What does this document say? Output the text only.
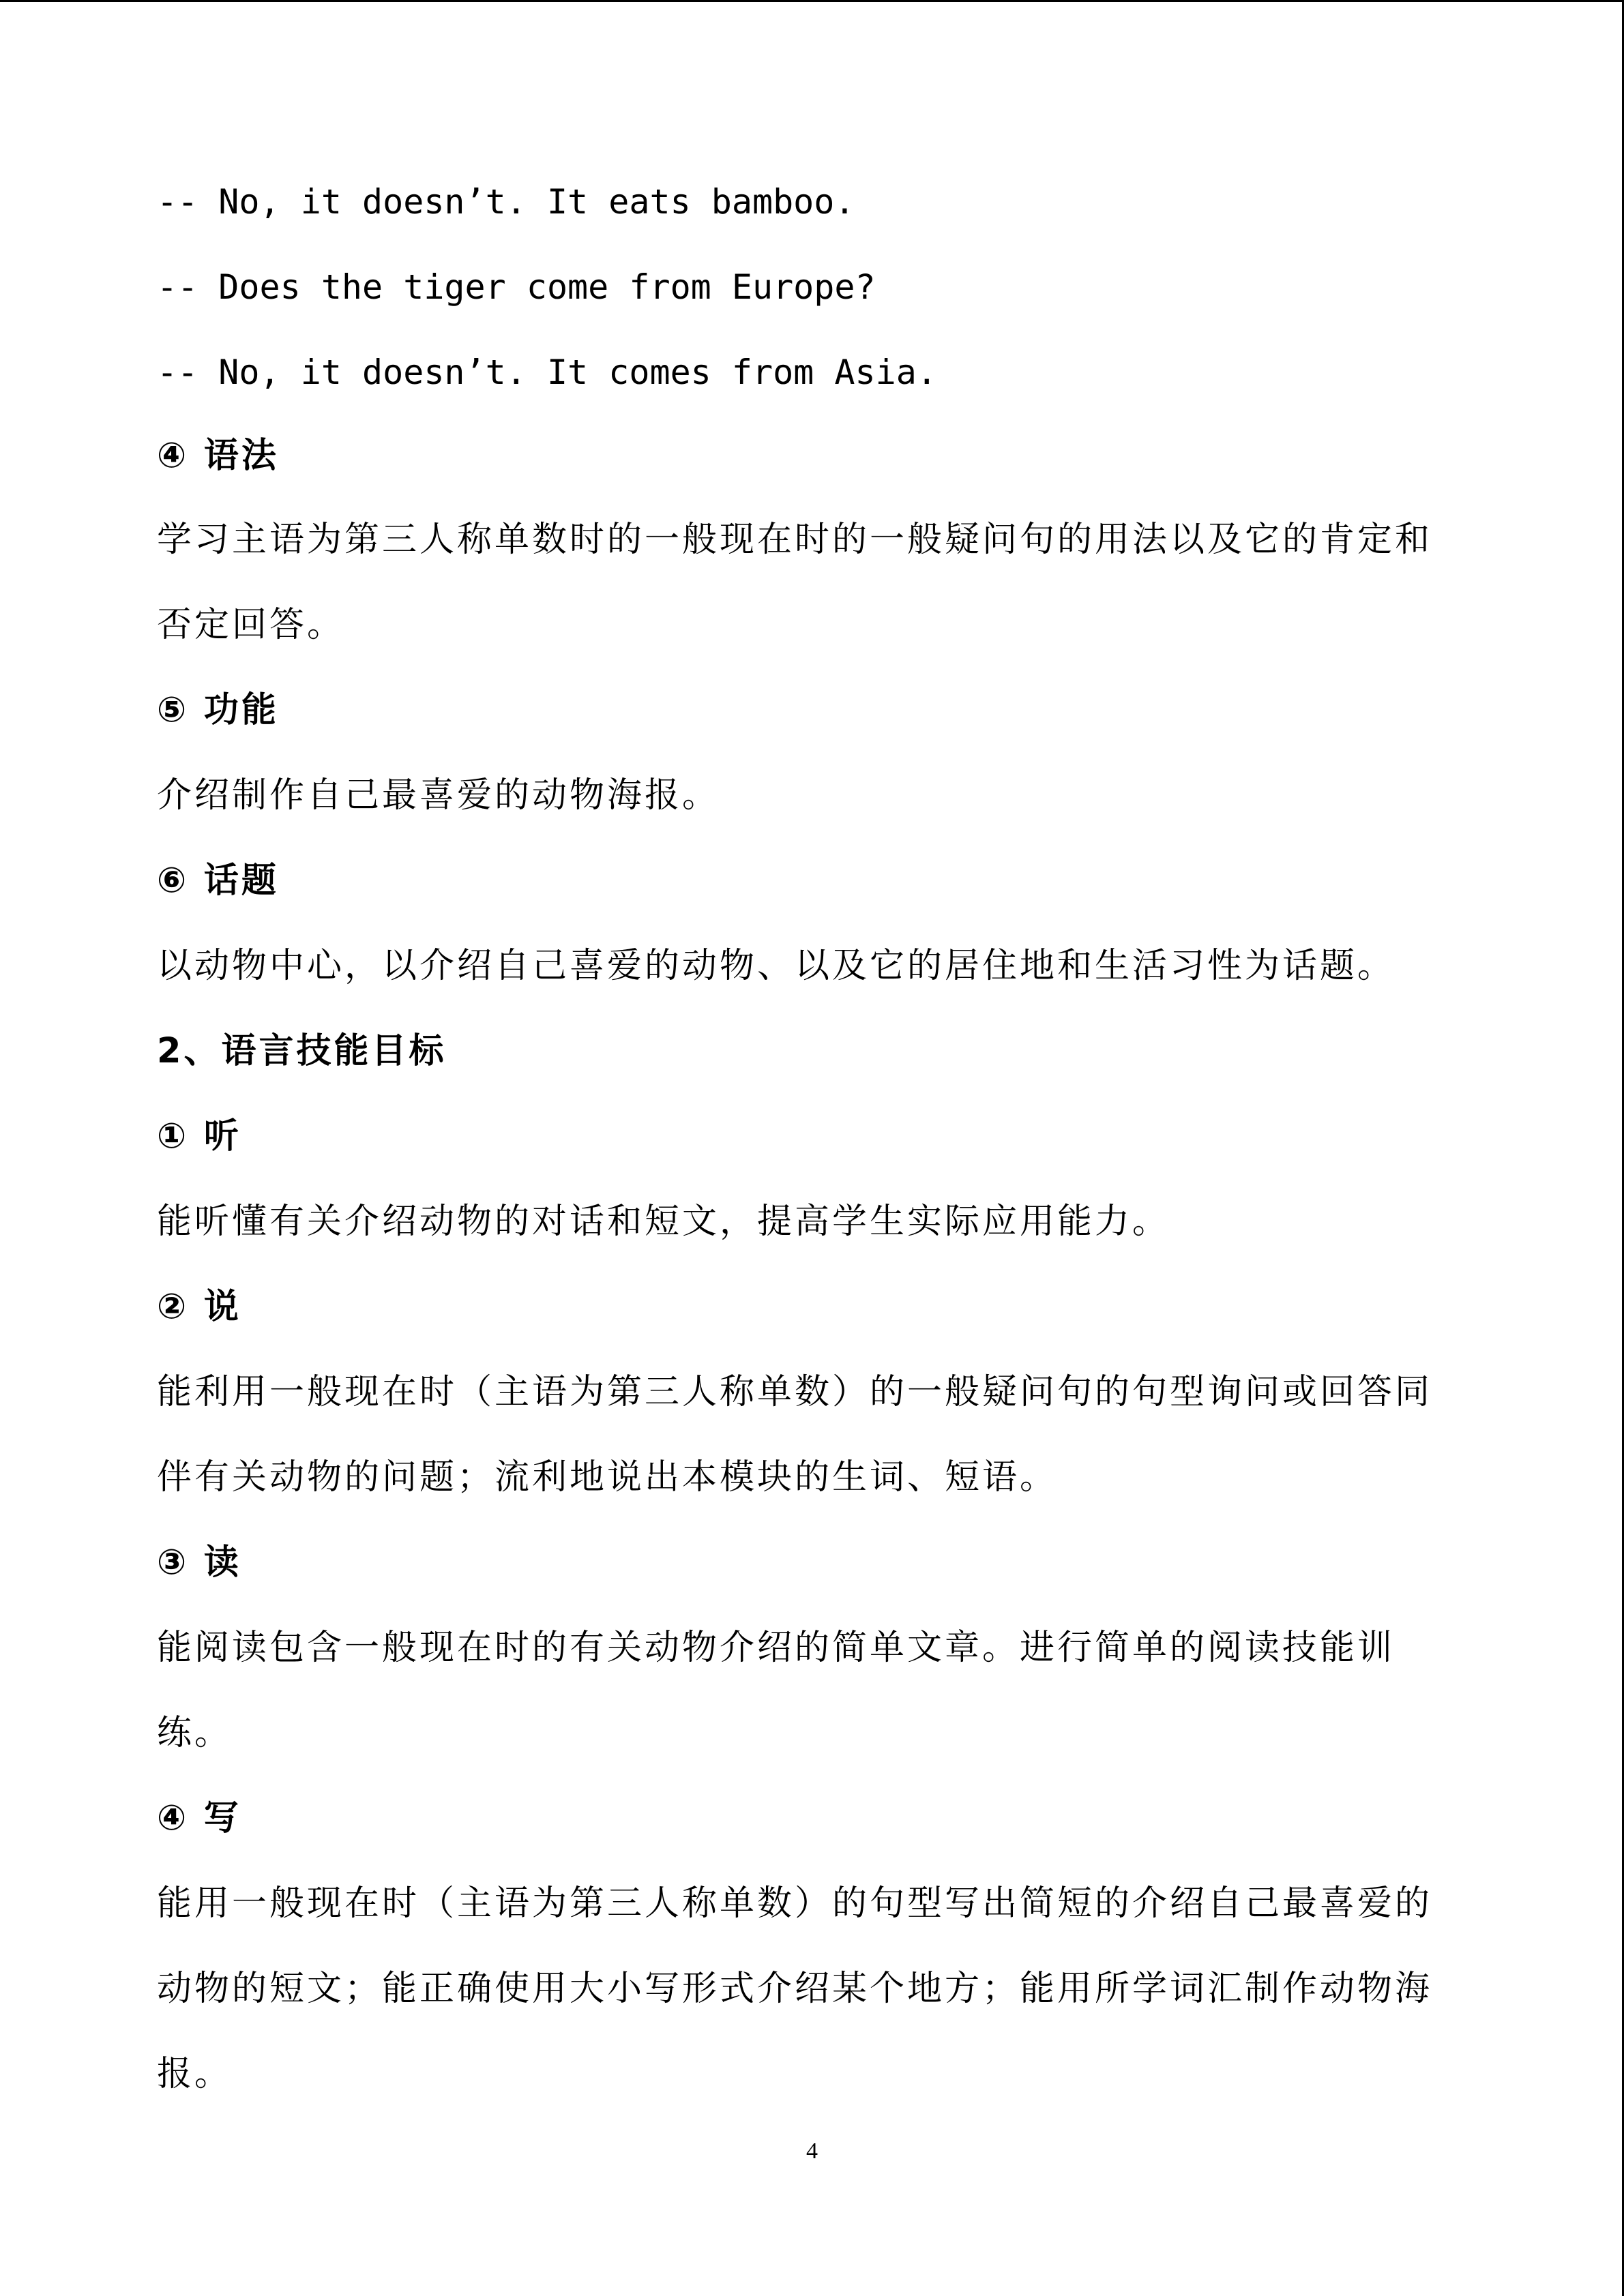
-- No, it doesn’t. It eats bamboo.
-- Does the tiger come from Europe?
-- No, it doesn’t. It comes from Asia.
④ 语法
学习主语为第三人称单数时的一般现在时的一般疑问句的用法以及它的肯定和
否定回答。
⑤ 功能
介绍制作自己最喜爱的动物海报。
⑥ 话题
以动物中心，以介绍自己喜爱的动物、以及它的居住地和生活习性为话题。
2、语言技能目标
① 听
能听懂有关介绍动物的对话和短文，提高学生实际应用能力。
② 说
能利用一般现在时（主语为第三人称单数）的一般疑问句的句型询问或回答同
伴有关动物的问题；流利地说出本模块的生词、短语。
③ 读
能阅读包含一般现在时的有关动物介绍的简单文章。进行简单的阅读技能训
练。
④ 写
能用一般现在时（主语为第三人称单数）的句型写出简短的介绍自己最喜爱的
动物的短文；能正确使用大小写形式介绍某个地方；能用所学词汇制作动物海
报。
4
